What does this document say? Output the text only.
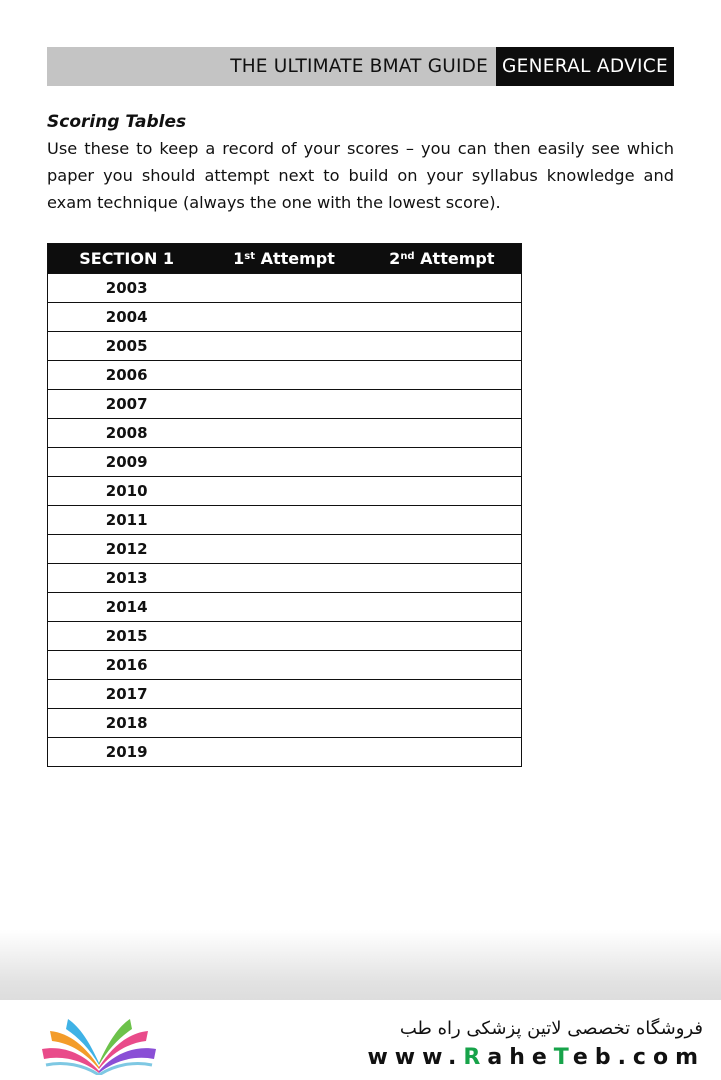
THE ULTIMATE BMAT GUIDE GENERAL ADVICE
Scoring Tables

Use these to keep a record of your scores – you can then easily see which paper you should attempt next to build on your syllabus knowledge and exam technique (always the one with the lowest score).

SECTION 1	1st Attempt	2nd Attempt
2003		
2004		
2005		
2006		
2007		
2008		
2009		
2010		
2011		
2012		
2013		
2014		
2015		
2016		
2017		
2018		
2019		
فروشگاه تخصصی لاتین پزشکی راه طب
www.RaheTeb.com
